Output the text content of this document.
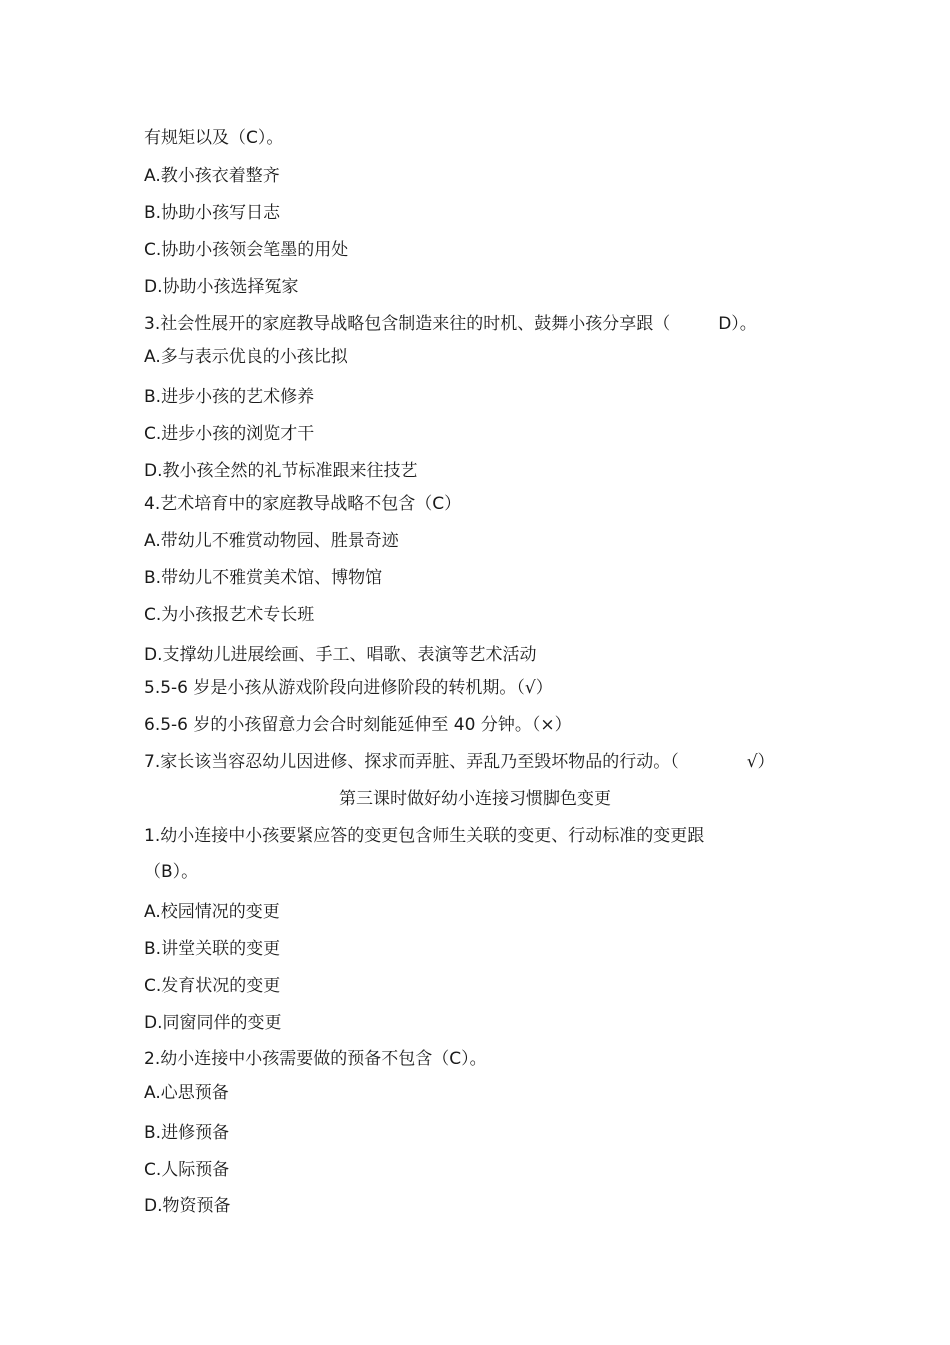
有规矩以及（C）。
A.教小孩衣着整齐
B.协助小孩写日志
C.协助小孩领会笔墨的用处
D.协助小孩选择冤家
3.社会性展开的家庭教导战略包含制造来往的时机、鼓舞小孩分享跟（	D）。
A.多与表示优良的小孩比拟
B.进步小孩的艺术修养
C.进步小孩的浏览才干
D.教小孩全然的礼节标准跟来往技艺
4.艺术培育中的家庭教导战略不包含（C）
A.带幼儿不雅赏动物园、胜景奇迹
B.带幼儿不雅赏美术馆、博物馆
C.为小孩报艺术专长班
D.支撑幼儿进展绘画、手工、唱歌、表演等艺术活动
5.5-6 岁是小孩从游戏阶段向进修阶段的转机期。（√）
6.5-6 岁的小孩留意力会合时刻能延伸至 40 分钟。（×）
7.家长该当容忍幼儿因进修、探求而弄脏、弄乱乃至毁坏物品的行动。（	√）
第三课时做好幼小连接习惯脚色变更
1.幼小连接中小孩要紧应答的变更包含师生关联的变更、行动标准的变更跟
（B）。
A.校园情况的变更
B.讲堂关联的变更
C.发育状况的变更
D.同窗同伴的变更
2.幼小连接中小孩需要做的预备不包含（C）。
A.心思预备
B.进修预备
C.人际预备
D.物资预备
